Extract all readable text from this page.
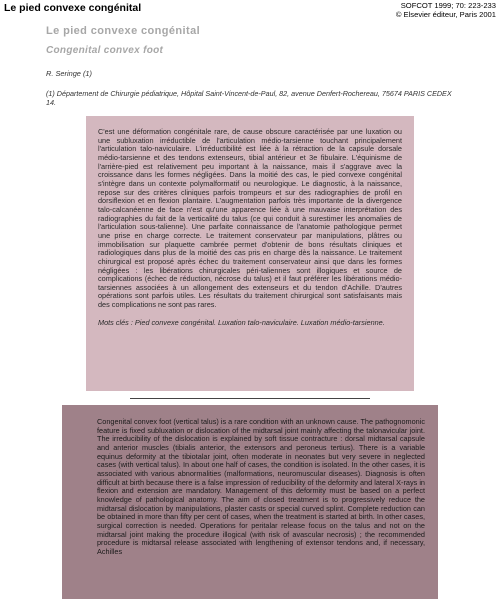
Le pied convexe congénital	SOFCOT 1999; 70: 223-233
© Elsevier éditeur, Paris 2001
Le pied convexe congénital
Congenital convex foot
R. Seringe (1)
(1) Département de Chirurgie pédiatrique, Hôpital Saint-Vincent-de-Paul, 82, avenue Denfert-Rochereau, 75674 PARIS CEDEX 14.

C'est une déformation congénitale rare, de cause obscure caractérisée par une luxation ou une subluxation irréductible de l'articulation médio-tarsienne touchant principalement l'articulation talo-naviculaire. L'irréductibilité est liée à la rétraction de la capsule dorsale médio-tarsienne et des tendons extenseurs, tibial antérieur et 3e fibulaire. L'équinisme de l'arrière-pied est relativement peu important à la naissance, mais il s'aggrave avec la croissance dans les formes négligées. Dans la moitié des cas, le pied convexe congénital s'intègre dans un contexte polymalformatif ou neurologique. Le diagnostic, à la naissance, repose sur des critères cliniques parfois trompeurs et sur des radiographies de profil en dorsiflexion et en flexion plantaire. L'augmentation parfois très importante de la divergence talo-calcanéenne de face n'est qu'une apparence liée à une mauvaise interprétation des radiographies du fait de la verticalité du talus (ce qui conduit à surestimer les anomalies de l'articulation sous-talienne). Une parfaite connaissance de l'anatomie pathologique permet une prise en charge correcte. Le traitement conservateur par manipulations, plâtres ou immobilisation sur plaquette cambrée permet d'obtenir de bons résultats cliniques et radiologiques dans plus de la moitié des cas pris en charge dès la naissance. Le traitement chirurgical est proposé après échec du traitement conservateur ainsi que dans les formes négligées : les libérations chirurgicales péri-taliennes sont illogiques et source de complications (échec de réduction, nécrose du talus) et il faut préférer les libérations médio-tarsiennes associées à un allongement des extenseurs et du tendon d'Achille. D'autres opérations sont parfois utiles. Les résultats du traitement chirurgical sont satisfaisants mais des complications ne sont pas rares.

Mots clés : Pied convexe congénital. Luxation talo-naviculaire. Luxation médio-tarsienne.

Congenital convex foot (vertical talus) is a rare condition with an unknown cause. The pathognomonic feature is fixed subluxation or dislocation of the midtarsal joint mainly affecting the talonavicular joint. The irreducibility of the dislocation is explained by soft tissue contracture : dorsal midtarsal capsule and anterior muscles (tibialis anterior, the extensors and peroneus tertius). There is a variable equinus deformity at the tibiotalar joint, often moderate in neonates but very severe in neglected cases (with vertical talus). In about one half of cases, the condition is isolated. In the other cases, it is associated with various abnormalities (malformations, neuromuscular diseases). Diagnosis is often difficult at birth because there is a false impression of reducibility of the deformity and lateral X-rays in flexion and extension are mandatory. Management of this deformity must be based on a perfect knowledge of pathological anatomy. The aim of closed treatment is to progressively reduce the midtarsal dislocation by manipulations, plaster casts or special curved splint. Complete reduction can be obtained in more than fifty per cent of cases, when the treatment is started at birth. In other cases, surgical correction is needed. Operations for peritalar release focus on the talus and not on the midtarsal joint making the procedure illogical (with risk of avascular necrosis) ; the recommended procedure is midtarsal release associated with lengthening of extensor tendons and, if necessary, Achilles
